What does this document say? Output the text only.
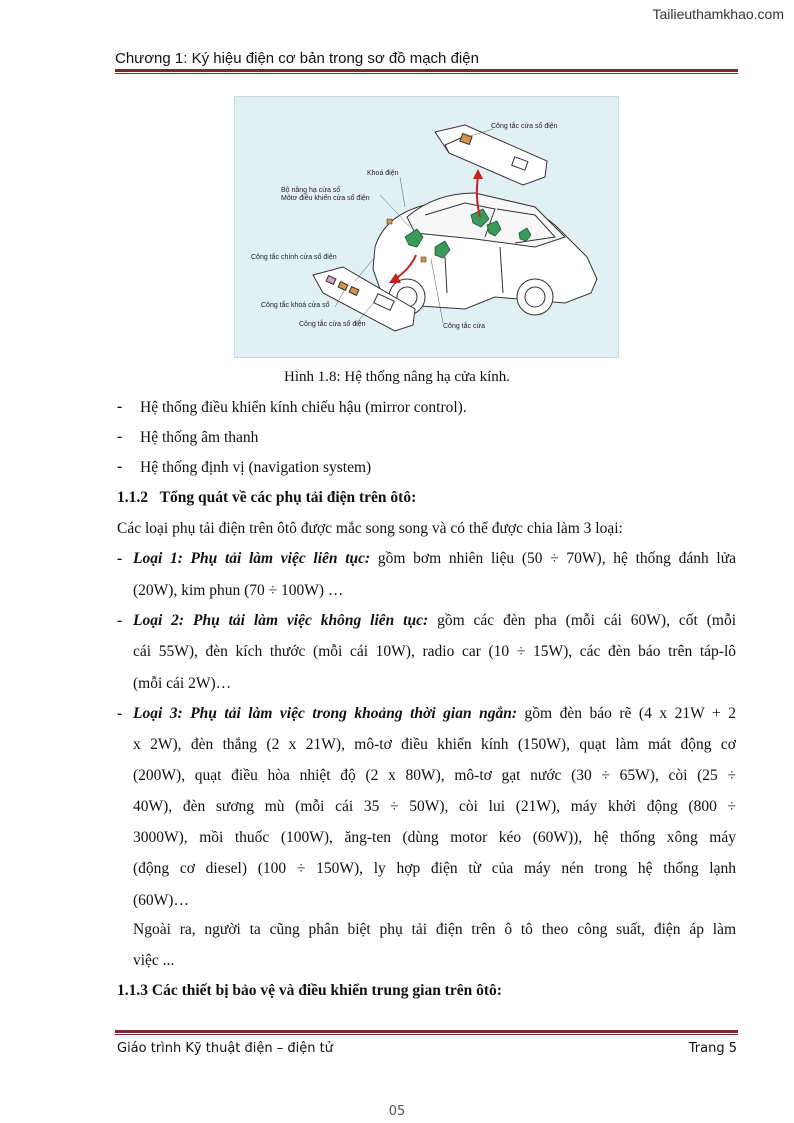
Tailieuthamkhao.com
Chương 1: Ký hiệu điện cơ bản trong sơ đồ mạch điện
Công tắc cửa sổ điện
Khoá điện
Bộ nâng hạ cửa sổ
Môtơ điều khiển cửa sổ điện
Công tắc chính cửa sổ điện
Công tắc khoá cửa sổ
Công tắc cửa sổ điện	Công tắc cửa
Hình 1.8: Hệ thống nâng hạ cửa kính.
- Hệ thống điều khiển kính chiếu hậu (mirror control).
- Hệ thống âm thanh
- Hệ thống định vị (navigation system)
1.1.2 Tổng quát về các phụ tải điện trên ôtô:
Các loại phụ tải điện trên ôtô được mắc song song và có thể được chia làm 3 loại:
- Loại 1: Phụ tải làm việc liên tục: gồm bơm nhiên liệu (50 ÷ 70W), hệ thống đánh lửa
(20W), kim phun (70 ÷ 100W) …
- Loại 2: Phụ tải làm việc không liên tục: gồm các đèn pha (mỗi cái 60W), cốt (mỗi
cái 55W), đèn kích thước (mỗi cái 10W), radio car (10 ÷ 15W), các đèn báo trên táp-lô
(mỗi cái 2W)…
- Loại 3: Phụ tải làm việc trong khoảng thời gian ngắn: gồm đèn báo rẽ (4 x 21W + 2
x 2W), đèn thắng (2 x 21W), mô-tơ điều khiển kính (150W), quạt làm mát động cơ
(200W), quạt điều hòa nhiệt độ (2 x 80W), mô-tơ gạt nước (30 ÷ 65W), còi (25 ÷
40W), đèn sương mù (mỗi cái 35 ÷ 50W), còi lui (21W), máy khởi động (800 ÷
3000W), mồi thuốc (100W), ăng-ten (dùng motor kéo (60W)), hệ thống xông máy
(động cơ diesel) (100 ÷ 150W), ly hợp điện từ của máy nén trong hệ thống lạnh
(60W)…
Ngoài ra, người ta cũng phân biệt phụ tải điện trên ô tô theo công suất, điện áp làm
việc ...
1.1.3 Các thiết bị bảo vệ và điều khiển trung gian trên ôtô:
Giáo trình Kỹ thuật điện – điện tử	Trang 5
05
